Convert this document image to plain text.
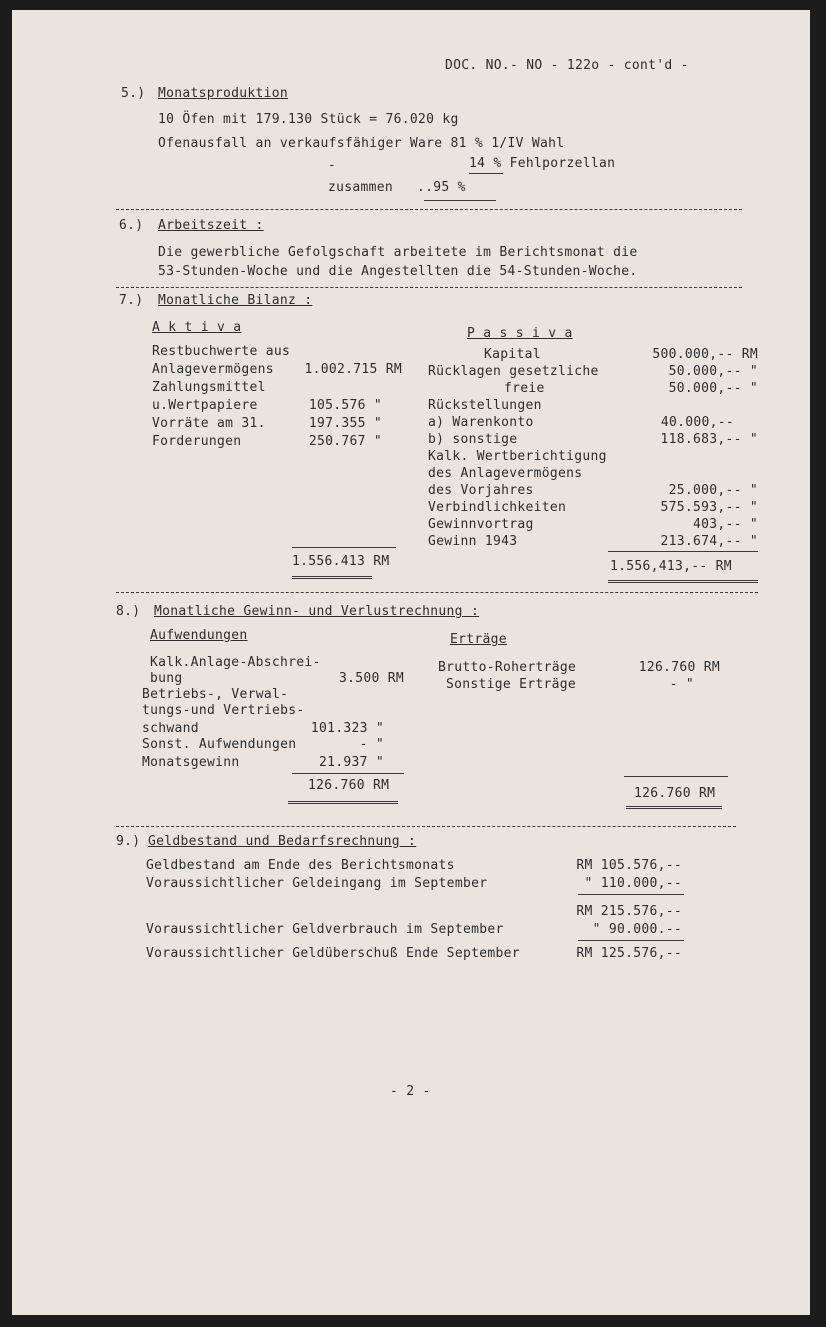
DOC. NO.- NO - 122o - cont'd -
5.) Monatsproduktion
10 Öfen mit 179.130 Stück = 76.020 kg
Ofenausfall an verkaufsfähiger Ware 81 % 1/IV Wahl
-	14 % Fehlporzellan
zusammen ..95 %
6.) Arbeitszeit :
Die gewerbliche Gefolgschaft arbeitete im Berichtsmonat die
53-Stunden-Woche und die Angestellten die 54-Stunden-Woche.
7.) Monatliche Bilanz :
A k t i v a	P a s s i v a
Restbuchwerte aus
Anlagevermögens 1.002.715 RM
Zahlungsmittel
u.Wertpapiere	105.576 "
Vorräte am 31.	197.355 "
Forderungen	250.767 "
1.556.413 RM
Kapital	500.000,-- RM
Rücklagen gesetzliche	50.000,-- "
freie	50.000,-- "
Rückstellungen
a) Warenkonto	40.000,--
b) sonstige	118.683,-- "
Kalk. Wertberichtigung
des Anlagevermögens
des Vorjahres	25.000,-- "
Verbindlichkeiten	575.593,-- "
Gewinnvortrag	403,-- "
Gewinn 1943	213.674,-- "
1.556,413,-- RM
8.) Monatliche Gewinn- und Verlustrechnung :
Aufwendungen	Erträge
Kalk.Anlage-Abschrei-
bung	3.500 RM
Betriebs-, Verwal-
tungs-und Vertriebs-
schwand	101.323 "
Sonst. Aufwendungen	- "
Monatsgewinn	21.937 "
126.760 RM
Brutto-Roherträge	126.760 RM
Sonstige Erträge	- "
126.760 RM
9.) Geldbestand und Bedarfsrechnung :
Geldbestand am Ende des Berichtsmonats	RM 105.576,--
Voraussichtlicher Geldeingang im September	" 110.000,--
RM 215.576,--
Voraussichtlicher Geldverbrauch im September	" 90.000.--
Voraussichtlicher Geldüberschuß Ende September	RM 125.576,--
- 2 -
